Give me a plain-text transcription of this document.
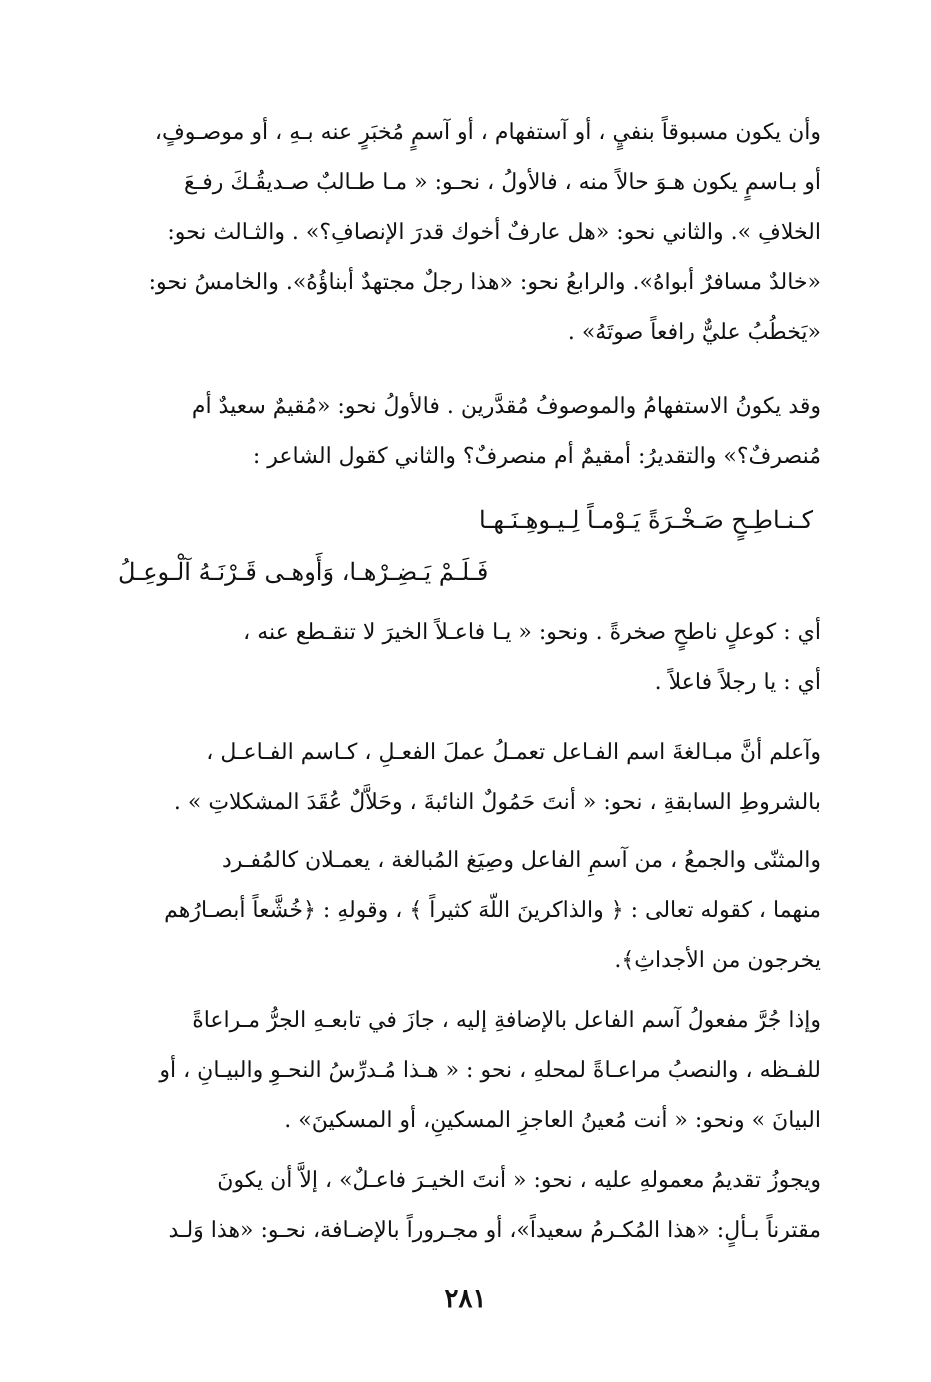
وأن يكون مسبوقاً بنفيٍ ، أو آستفهام ، أو آسمٍ مُخبَرٍ عنه بـهِ ، أو موصـوفٍ،
أو بـاسمٍ يكون هـوَ حالاً منه ، فالأولُ ، نحـو: « مـا طـالبٌ صـديقُـكَ رفـعَ
الخلافِ ». والثاني نحو: «هل عارفٌ أخوك قدرَ الإنصافِ؟» . والثـالث نحو:
«خالدٌ مسافرٌ أبواهُ». والرابعُ نحو: «هذا رجلٌ مجتهدٌ أبناؤُهُ». والخامسُ نحو:
«يَخطُبُ عليٌّ رافعاً صوتَهُ» .
وقد يكونُ الاستفهامُ والموصوفُ مُقدَّرين . فالأولُ نحو: «مُقيمٌ سعيدٌ أم
مُنصرفٌ؟» والتقديرُ: أمقيمٌ أم منصرفٌ؟ والثاني كقول الشاعر :
كـنـاطِـحٍ صَـخْـرَةً يَـوْمـاً لِـيـوهِـنَـهـا
فَـلَـمْ يَـضِـرْهـا، وَأَوهـى قَـرْنَـهُ آلْـوعِـلُ
أي : كوعلٍ ناطحٍ صخرةً . ونحو: « يـا فاعـلاً الخيرَ لا تنقـطع عنه ،
أي : يا رجلاً فاعلاً .
وآعلم أنَّ مبـالغةَ اسم الفـاعل تعمـلُ عملَ الفعـلِ ، كـاسم الفـاعـل ،
بالشروطِ السابقةِ ، نحو: « أنتَ حَمُولٌ النائبةَ ، وحَلاَّلٌ عُقَدَ المشكلاتِ » .
والمثنّى والجمعُ ، من آسمِ الفاعل وصِيَغ المُبالغة ، يعمـلان كالمُفـرد
منهما ، كقوله تعالى : ﴿ والذاكرينَ اللّهَ كثيراً ﴾ ، وقولهِ : ﴿خُشَّعاً أبصـارُهم
يخرجون من الأجداثِ﴾.
وإذا جُرَّ مفعولُ آسم الفاعل بالإضافةِ إليه ، جازَ في تابعـهِ الجرُّ مـراعاةً
للفـظه ، والنصبُ مراعـاةً لمحلهِ ، نحو : « هـذا مُـدرِّسُ النحـوِ والبيـانِ ، أو
البيانَ » ونحو: « أنت مُعينُ العاجزِ المسكينِ، أو المسكينَ» .
ويجوزُ تقديمُ معمولهِ عليه ، نحو: « أنتَ الخيـرَ فاعـلٌ» ، إلاَّ أن يكونَ
مقترناً بـألٍ: «هذا المُكـرمُ سعيداً»، أو مجـروراً بالإضـافة، نحـو: «هذا وَلـد
٢٨١
